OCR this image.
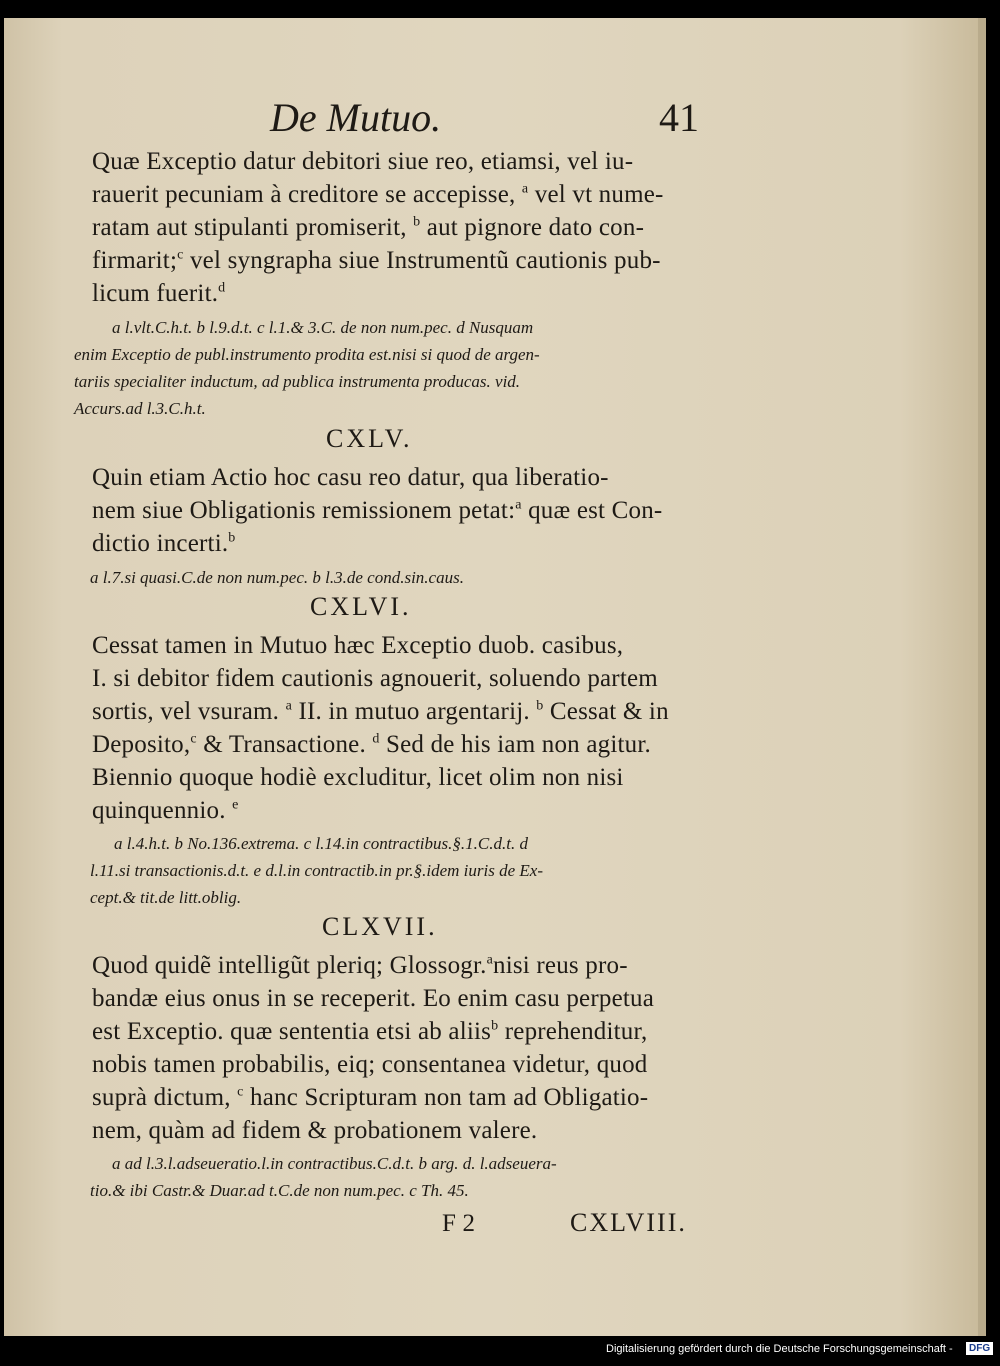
De Mutuo.	41
Quæ Exceptio datur debitori siue reo, etiamsi, vel iu-
rauerit pecuniam à creditore se accepisse, $^a$ vel vt nume-
ratam aut stipulanti promiserit, $^b$ aut pignore dato con-
firmarit;$^c$ vel syngrapha siue Instrumentũ cautionis pub-
licum fuerit.$^d$
a l.vlt.C.h.t. b l.9.d.t. c l.1.& 3.C. de non num.pec. d Nusquam
enim Exceptio de publ.instrumento prodita est.nisi si quod de argen-
tariis specialiter inductum, ad publica instrumenta producas. vid.
Accurs.ad l.3.C.h.t.
CXLV.
Quin etiam Actio hoc casu reo datur, qua liberatio-
nem siue Obligationis remissionem petat:$^a$ quæ est Con-
dictio incerti.$^b$
a l.7.si quasi.C.de non num.pec. b l.3.de cond.sin.caus.
CXLVI.
Cessat tamen in Mutuo hæc Exceptio duob. casibus,
I. si debitor fidem cautionis agnouerit, soluendo partem
sortis, vel vsuram. $^a$ II. in mutuo argentarij. $^b$ Cessat & in
Deposito,$^c$ & Transactione. $^d$ Sed de his iam non agitur.
Biennio quoque hodiè excluditur, licet olim non nisi
quinquennio. $^e$
a l.4.h.t. b No.136.extrema. c l.14.in contractibus.§.1.C.d.t. d
l.11.si transactionis.d.t. e d.l.in contractib.in pr.§.idem iuris de Ex-
cept.& tit.de litt.oblig.
CLXVII.
Quod quidẽ intelligũt pleriq; Glossogr.$^a$nisi reus pro-
bandæ eius onus in se receperit. Eo enim casu perpetua
est Exceptio. quæ sententia etsi ab aliis$^b$ reprehenditur,
nobis tamen probabilis, eiq; consentanea videtur, quod
suprà dictum, $^c$ hanc Scripturam non tam ad Obligatio-
nem, quàm ad fidem & probationem valere.
a ad l.3.l.adseueratio.l.in contractibus.C.d.t. b arg. d. l.adseuera-
tio.& ibi Castr.& Duar.ad t.C.de non num.pec. c Th. 45.
F 2	CXLVIII.
Digitalisierung gefördert durch die Deutsche Forschungsgemeinschaft -	DFG
